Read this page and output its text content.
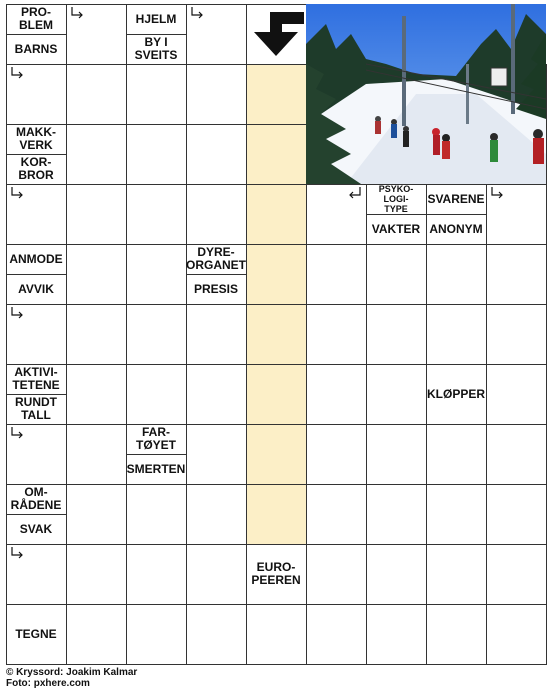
PRO-
BLEM
BARNS
HJELM
BY I
SVEITS
MAKK-
VERK
KOR-
BROR
PSYKO-
LOGI-
TYPE
VAKTER
SVARENE
ANONYM
ANMODE
AVVIK
DYRE-
ORGANET
PRESIS
AKTIVI-
TETENE
RUNDT
TALL
KLØPPER
FAR-
TØYET
SMERTEN
OM-
RÅDENE
SVAK
EURO-
PEEREN
TEGNE
© Kryssord: Joakim Kalmar
Foto: pxhere.com
